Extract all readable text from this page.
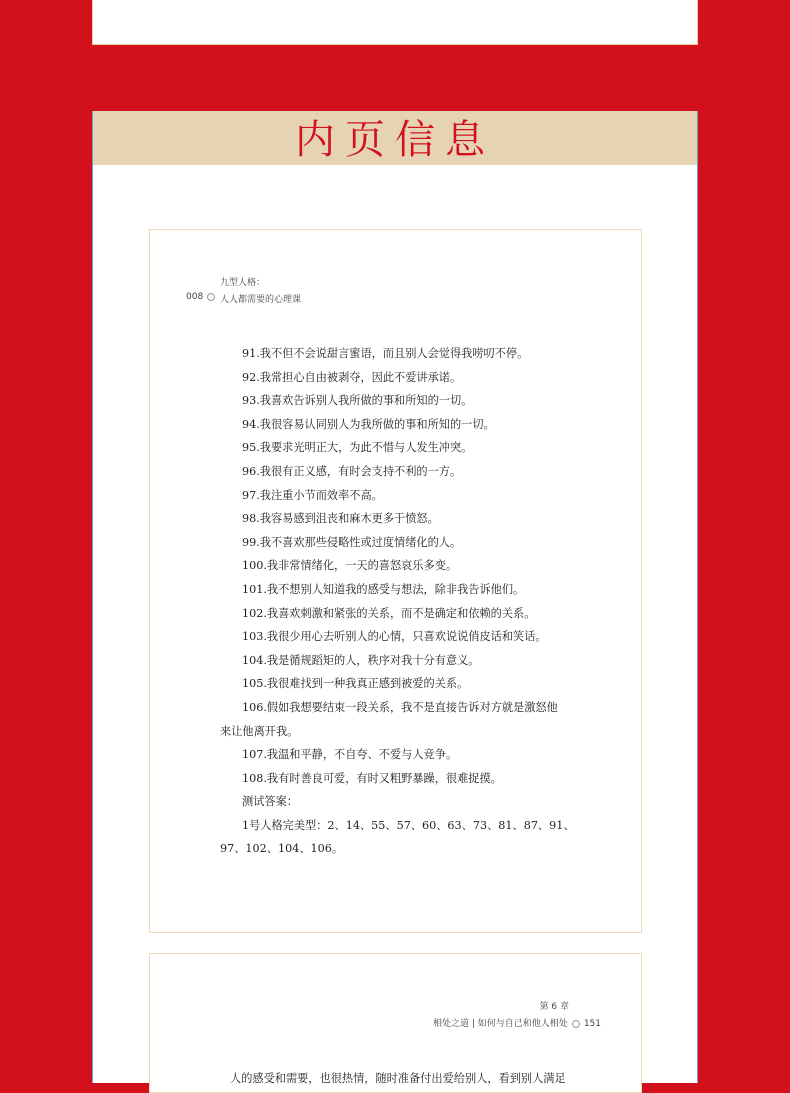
内页信息
九型人格：
008	人人都需要的心理课
91.我不但不会说甜言蜜语，而且别人会觉得我唠叨不停。
92.我常担心自由被剥夺，因此不爱讲承诺。
93.我喜欢告诉别人我所做的事和所知的一切。
94.我很容易认同别人为我所做的事和所知的一切。
95.我要求光明正大，为此不惜与人发生冲突。
96.我很有正义感，有时会支持不利的一方。
97.我注重小节而效率不高。
98.我容易感到沮丧和麻木更多于愤怒。
99.我不喜欢那些侵略性或过度情绪化的人。
100.我非常情绪化，一天的喜怒哀乐多变。
101.我不想别人知道我的感受与想法，除非我告诉他们。
102.我喜欢刺激和紧张的关系，而不是确定和依赖的关系。
103.我很少用心去听别人的心情，只喜欢说说俏皮话和笑话。
104.我是循规蹈矩的人，秩序对我十分有意义。
105.我很难找到一种我真正感到被爱的关系。
106.假如我想要结束一段关系，我不是直接告诉对方就是激怒他
来让他离开我。
107.我温和平静，不自夸、不爱与人竞争。
108.我有时善良可爱，有时又粗野暴躁，很难捉摸。
测试答案：
1号人格完美型：2、14、55、57、60、63、73、81、87、91、
97、102、104、106。
第 6 章
相处之道 | 如何与自己和他人相处 151
人的感受和需要，也很热情，随时准备付出爱给别人，看到别人满足
